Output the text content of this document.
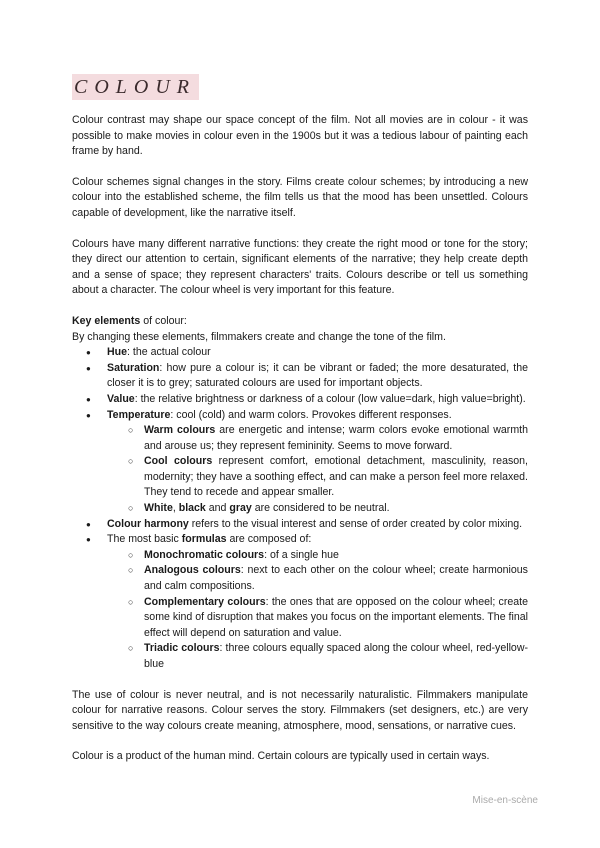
COLOUR

Colour contrast may shape our space concept of the film. Not all movies are in colour - it was possible to make movies in colour even in the 1900s but it was a tedious labour of painting each frame by hand.

Colour schemes signal changes in the story. Films create colour schemes; by introducing a new colour into the established scheme, the film tells us that the mood has been unsettled. Colours capable of development, like the narrative itself.

Colours have many different narrative functions: they create the right mood or tone for the story; they direct our attention to certain, significant elements of the narrative; they help create depth and a sense of space; they represent characters' traits. Colours describe or tell us something about a character. The colour wheel is very important for this feature.

Key elements of colour:

By changing these elements, filmmakers create and change the tone of the film.

● Hue: the actual colour
● Saturation: how pure a colour is; it can be vibrant or faded; the more desaturated, the closer it is to grey; saturated colours are used for important objects.
● Value: the relative brightness or darkness of a colour (low value=dark, high value=bright).
● Temperature: cool (cold) and warm colors. Provokes different responses.
○ Warm colours are energetic and intense; warm colors evoke emotional warmth and arouse us; they represent femininity. Seems to move forward.
○ Cool colours represent comfort, emotional detachment, masculinity, reason, modernity; they have a soothing effect, and can make a person feel more relaxed. They tend to recede and appear smaller.
○ White, black and gray are considered to be neutral.
● Colour harmony refers to the visual interest and sense of order created by color mixing.
● The most basic formulas are composed of:
○ Monochromatic colours: of a single hue
○ Analogous colours: next to each other on the colour wheel; create harmonious and calm compositions.
○ Complementary colours: the ones that are opposed on the colour wheel; create some kind of disruption that makes you focus on the important elements. The final effect will depend on saturation and value.
○ Triadic colours: three colours equally spaced along the colour wheel, red-yellow-blue

The use of colour is never neutral, and is not necessarily naturalistic. Filmmakers manipulate colour for narrative reasons. Colour serves the story. Filmmakers (set designers, etc.) are very sensitive to the way colours create meaning, atmosphere, mood, sensations, or narrative cues.

Colour is a product of the human mind. Certain colours are typically used in certain ways.

Mise-en-scène
